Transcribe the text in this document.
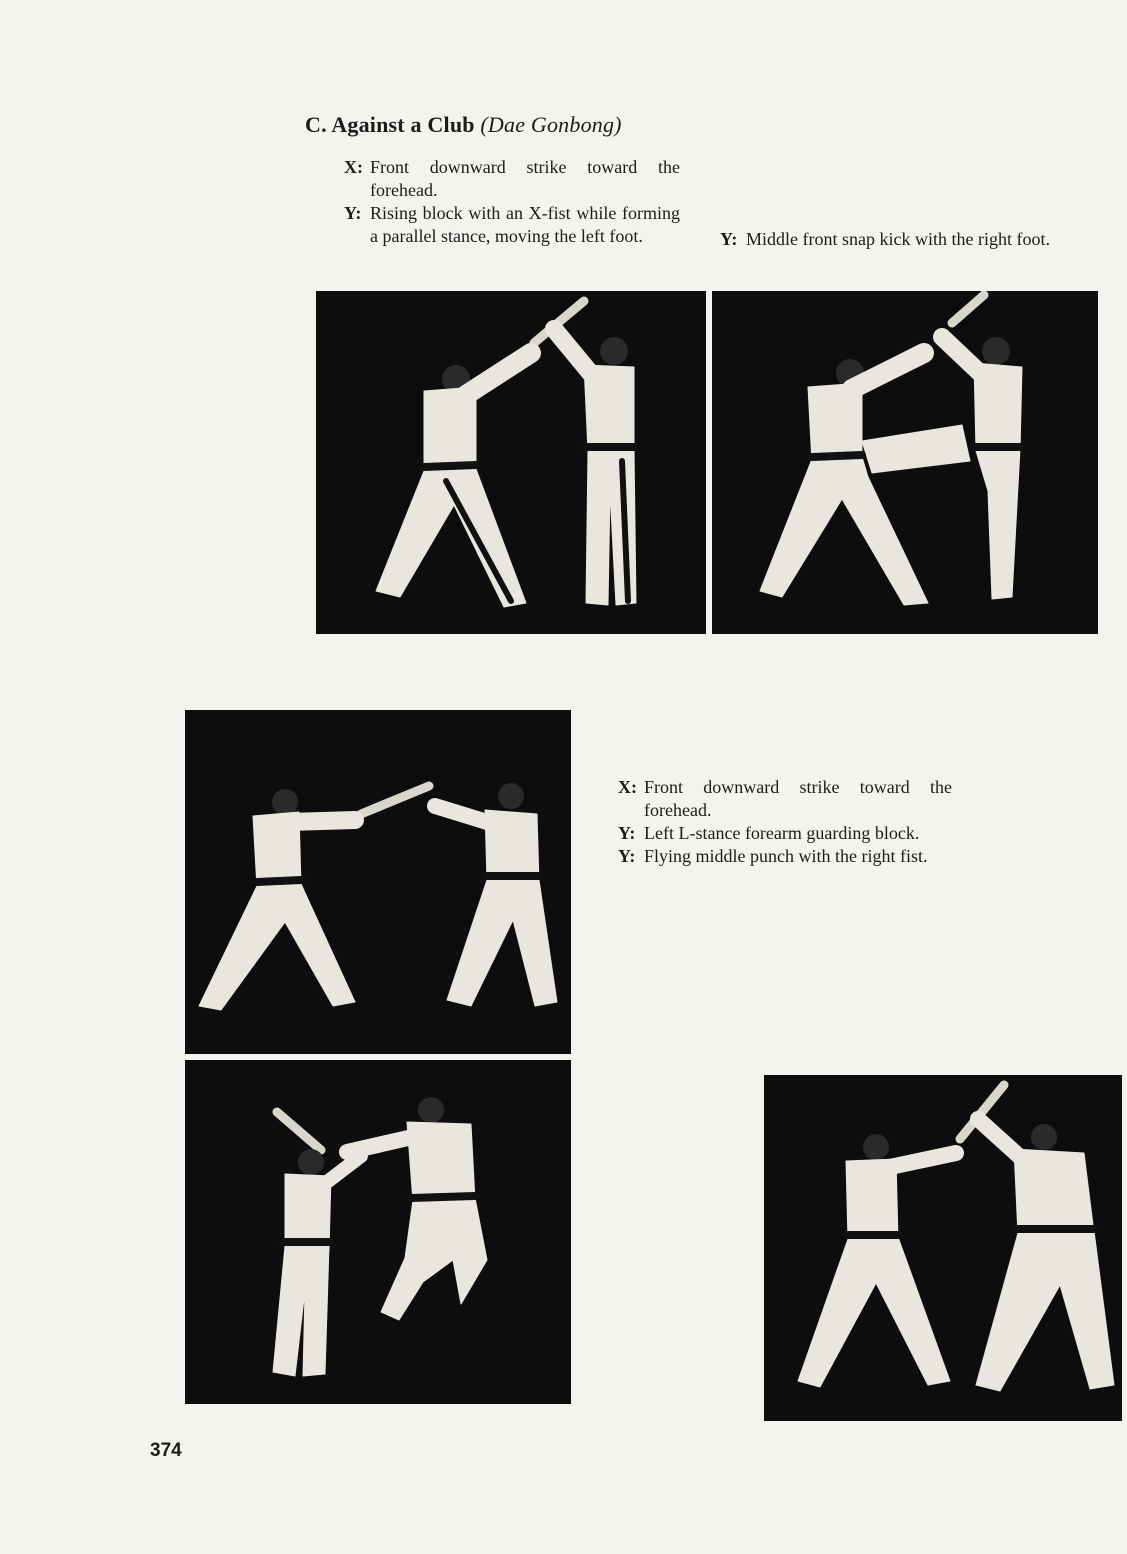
C. Against a Club (Dae Gonbong)
X: Front downward strike toward the forehead.
Y: Rising block with an X-fist while forming a parallel stance, moving the left foot.	Y: Middle front snap kick with the right foot.
X: Front downward strike toward the forehead.
Y: Left L-stance forearm guarding block.
Y: Flying middle punch with the right fist.

374
